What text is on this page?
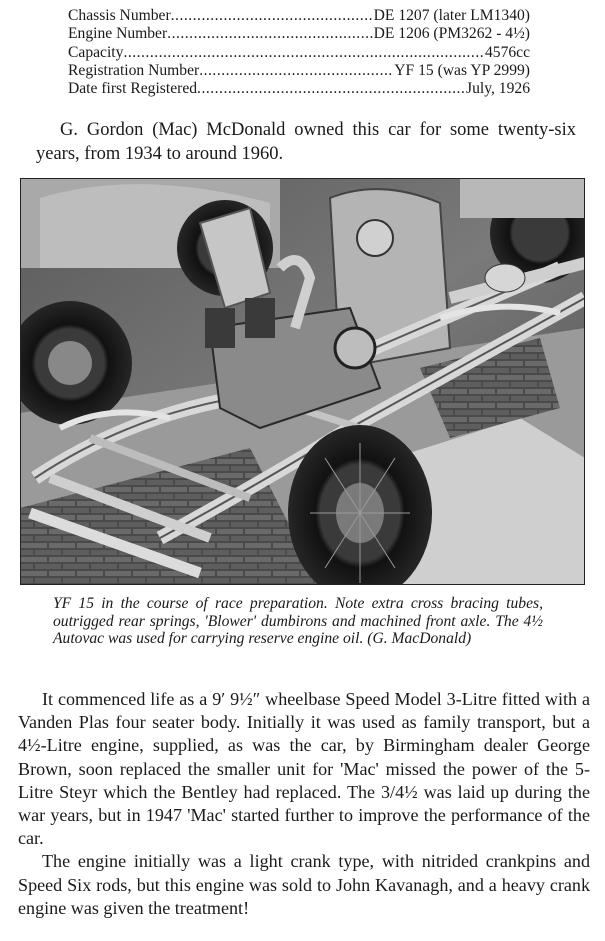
Chassis Number .....	DE 1207 (later LM1340)
Engine Number .....	DE 1206 (PM3262 - 4½)
Capacity .....	4576cc
Registration Number .....	YF 15 (was YP 2999)
Date first Registered .....	July, 1926

G. Gordon (Mac) McDonald owned this car for some twenty-six years, from 1934 to around 1960.

YF 15 in the course of race preparation. Note extra cross bracing tubes, outrigged rear springs, 'Blower' dumbirons and machined front axle. The 4½ Autovac was used for carrying reserve engine oil. (G. MacDonald)

It commenced life as a 9′ 9½″ wheelbase Speed Model 3-Litre fitted with a Vanden Plas four seater body. Initially it was used as family transport, but a 4½-Litre engine, supplied, as was the car, by Birmingham dealer George Brown, soon replaced the smaller unit for 'Mac' missed the power of the 5-Litre Steyr which the Bentley had replaced. The 3/4½ was laid up during the war years, but in 1947 'Mac' started further to improve the performance of the car.

The engine initially was a light crank type, with nitrided crankpins and Speed Six rods, but this engine was sold to John Kavanagh, and a heavy crank engine was given the treatment!
